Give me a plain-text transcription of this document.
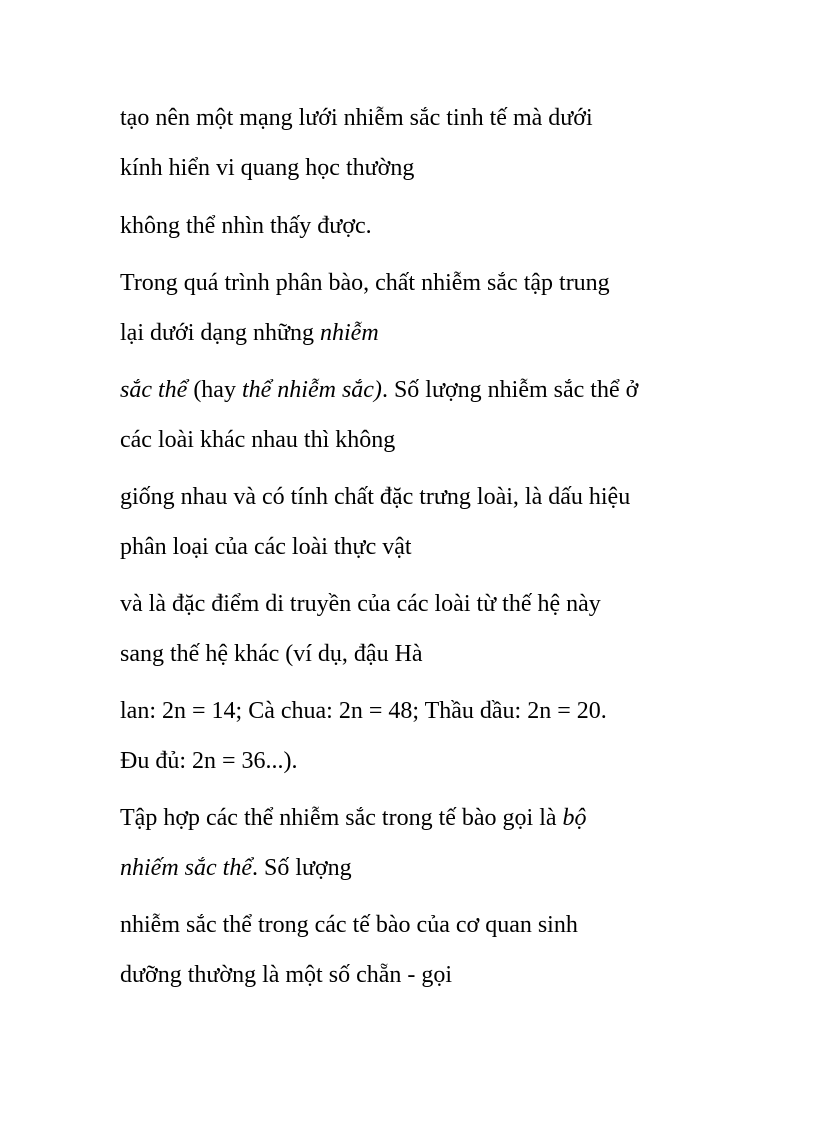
tạo nên một mạng lưới nhiễm sắc tinh tế mà dưới

kính hiển vi quang học thường

không thể nhìn thấy được.

Trong quá trình phân bào, chất nhiễm sắc tập trung

lại dưới dạng những nhiễm

sắc thể (hay thể nhiễm sắc). Số lượng nhiễm sắc thể ở

các loài khác nhau thì không

giống nhau và có tính chất đặc trưng loài, là dấu hiệu

phân loại của các loài thực vật

và là đặc điểm di truyền của các loài từ thế hệ này

sang thế hệ khác (ví dụ, đậu Hà

lan: 2n = 14; Cà chua: 2n = 48; Thầu dầu: 2n = 20.

Đu đủ: 2n = 36...).

Tập hợp các thể nhiễm sắc trong tế bào gọi là bộ

nhiếm sắc thể. Số lượng

nhiễm sắc thể trong các tế bào của cơ quan sinh

dưỡng thường là một số chẵn - gọi
